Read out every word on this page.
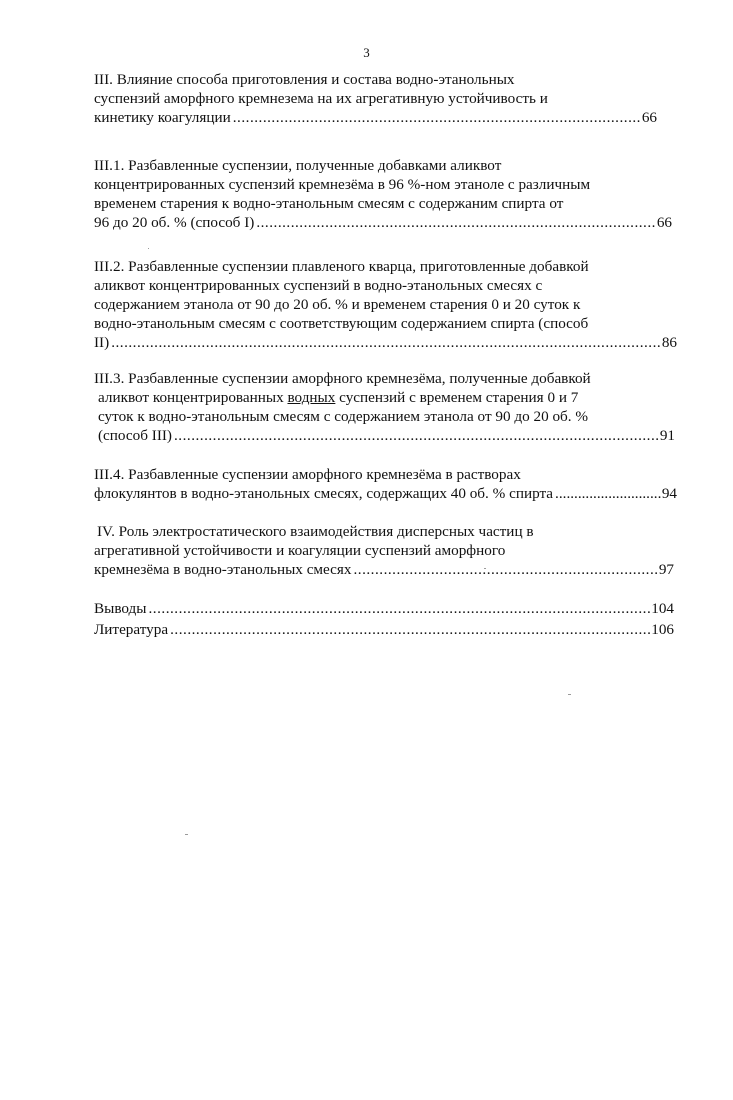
3
III. Влияние способа приготовления и состава водно-этанольных
суспензий аморфного кремнезема на их агрегативную устойчивость и
кинетику коагуляции .....	66
III.1. Разбавленные суспензии, полученные добавками аликвот
концентрированных суспензий кремнезёма в 96 %-ном этаноле с различным
временем старения к водно-этанольным смесям с содержаним спирта от
96 до 20 об. % (способ I) .....	66
III.2. Разбавленные суспензии плавленого кварца, приготовленные добавкой
аликвот концентрированных суспензий в водно-этанольных смесях с
содержанием этанола от 90 до 20 об. % и временем старения 0 и 20 суток к
водно-этанольным смесям с соответствующим содержанием спирта (способ
II) .....	86
III.3. Разбавленные суспензии аморфного кремнезёма, полученные добавкой
аликвот концентрированных водных суспензий с временем старения 0 и 7
суток к водно-этанольным смесям с содержанием этанола от 90 до 20 об. %
(способ III) .....	91
III.4. Разбавленные суспензии аморфного кремнезёма в растворах
флокулянтов в водно-этанольных смесях, содержащих 40 об. % спирта .....	94
IV. Роль электростатического взаимодействия дисперсных частиц в
агрегативной устойчивости и коагуляции суспензий аморфного
кремнезёма в водно-этанольных смесях .....	97
Выводы .....	104
Литература .....	106
